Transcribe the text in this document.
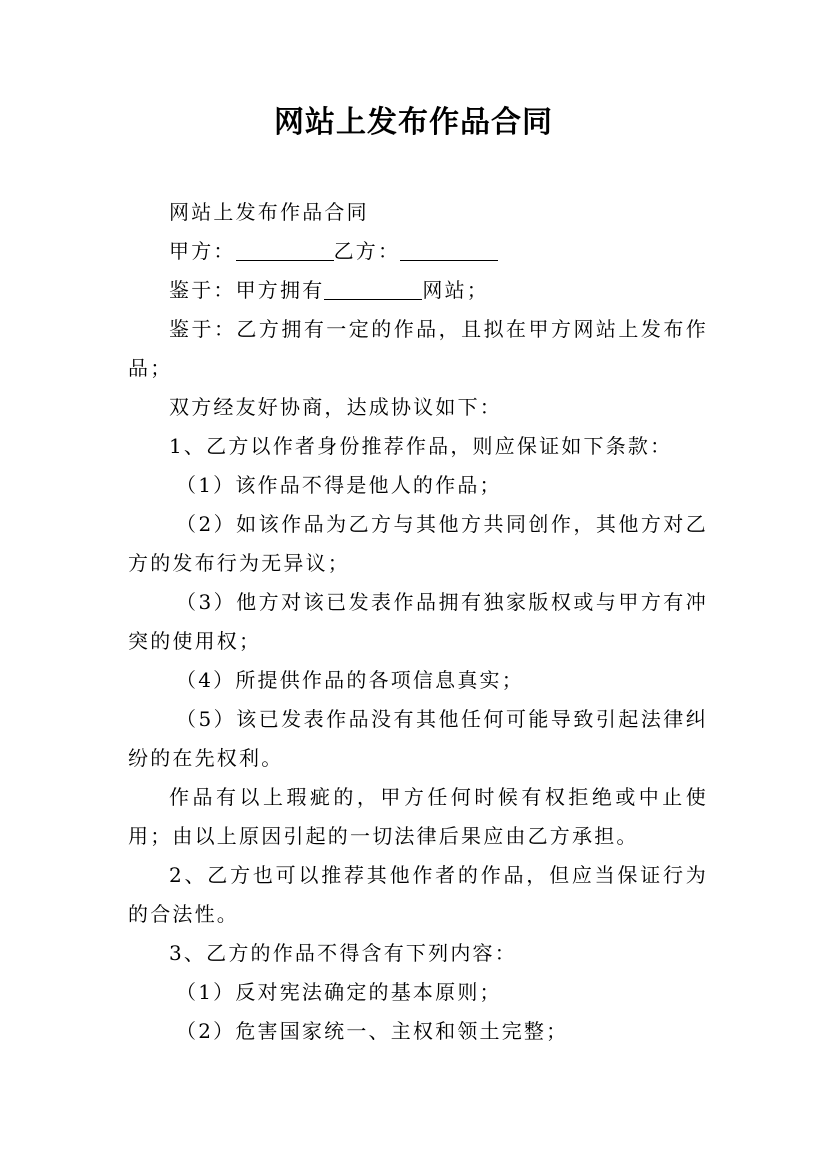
网站上发布作品合同

网站上发布作品合同

甲方：	乙方：

鉴于：甲方拥有	网站；

鉴于：乙方拥有一定的作品，且拟在甲方网站上发布作品；

双方经友好协商，达成协议如下：

1、乙方以作者身份推荐作品，则应保证如下条款：

（1）该作品不得是他人的作品；

（2）如该作品为乙方与其他方共同创作，其他方对乙方的发布行为无异议；

（3）他方对该已发表作品拥有独家版权或与甲方有冲突的使用权；

（4）所提供作品的各项信息真实；

（5）该已发表作品没有其他任何可能导致引起法律纠纷的在先权利。

作品有以上瑕疵的，甲方任何时候有权拒绝或中止使用；由以上原因引起的一切法律后果应由乙方承担。

2、乙方也可以推荐其他作者的作品，但应当保证行为的合法性。

3、乙方的作品不得含有下列内容：

（1）反对宪法确定的基本原则；

（2）危害国家统一、主权和领土完整；
